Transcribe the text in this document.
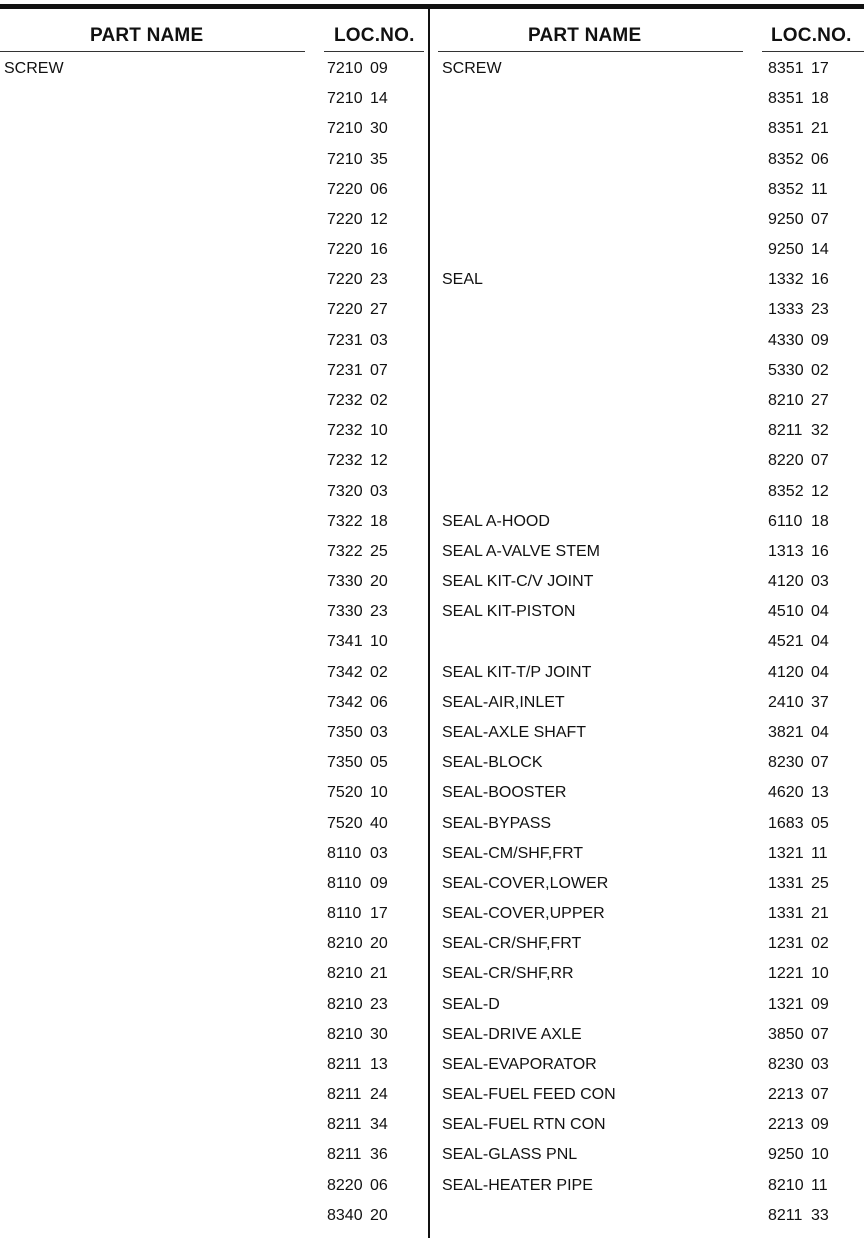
PART NAME	LOC.NO.	PART NAME	LOC.NO.
SCREW	7210 09
7210 14
7210 30
7210 35
7220 06
7220 12
7220 16
7220 23
7220 27
7231 03
7231 07
7232 02
7232 10
7232 12
7320 03
7322 18
7322 25
7330 20
7330 23
7341 10
7342 02
7342 06
7350 03
7350 05
7520 10
7520 40
8110 03
8110 09
8110 17
8210 20
8210 21
8210 23
8210 30
8211 13
8211 24
8211 34
8211 36
8220 06
8340 20
SCREW	8351 17
8351 18
8351 21
8352 06
8352 11
9250 07
9250 14
SEAL	1332 16
1333 23
4330 09
5330 02
8210 27
8211 32
8220 07
8352 12
SEAL A-HOOD	6110 18
SEAL A-VALVE STEM	1313 16
SEAL KIT-C/V JOINT	4120 03
SEAL KIT-PISTON	4510 04
4521 04
SEAL KIT-T/P JOINT	4120 04
SEAL-AIR,INLET	2410 37
SEAL-AXLE SHAFT	3821 04
SEAL-BLOCK	8230 07
SEAL-BOOSTER	4620 13
SEAL-BYPASS	1683 05
SEAL-CM/SHF,FRT	1321 11
SEAL-COVER,LOWER	1331 25
SEAL-COVER,UPPER	1331 21
SEAL-CR/SHF,FRT	1231 02
SEAL-CR/SHF,RR	1221 10
SEAL-D	1321 09
SEAL-DRIVE AXLE	3850 07
SEAL-EVAPORATOR	8230 03
SEAL-FUEL FEED CON	2213 07
SEAL-FUEL RTN CON	2213 09
SEAL-GLASS PNL	9250 10
SEAL-HEATER PIPE	8210 11
8211 33
